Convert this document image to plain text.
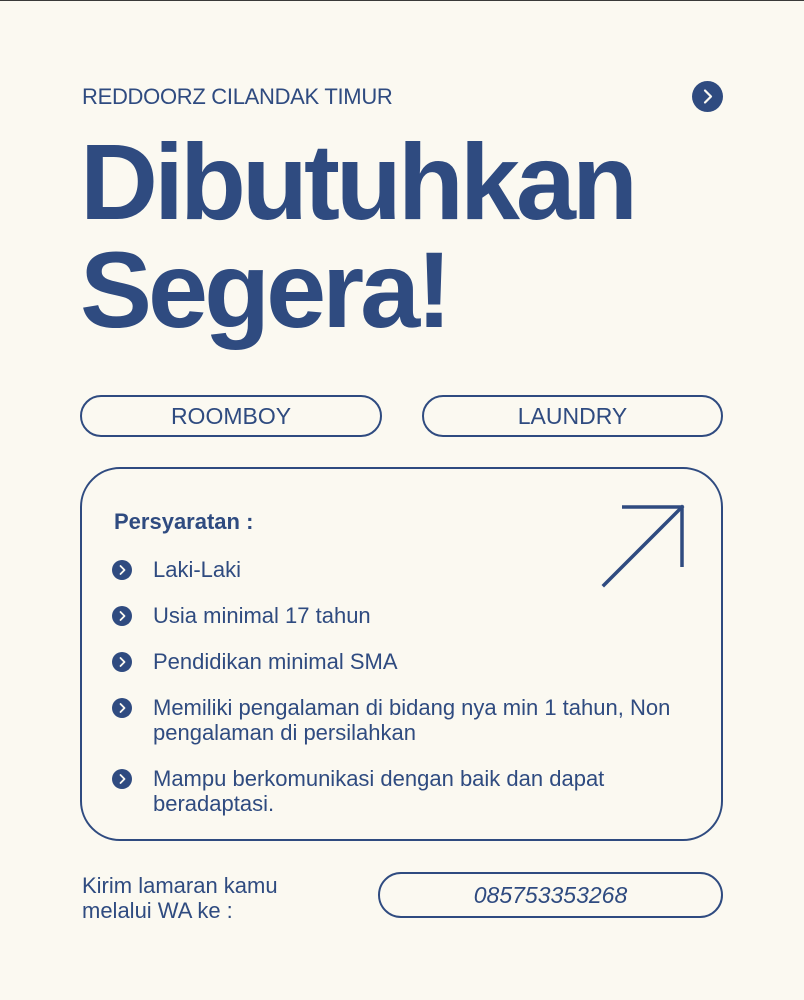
REDDOORZ CILANDAK TIMUR
Dibutuhkan
Segera!
ROOMBOY	LAUNDRY
Persyaratan :
Laki-Laki
Usia minimal 17 tahun
Pendidikan minimal SMA
Memiliki pengalaman di bidang nya min 1 tahun, Non pengalaman di persilahkan
Mampu berkomunikasi dengan baik dan dapat beradaptasi.
Kirim lamaran kamu
melalui WA ke :
085753353268
